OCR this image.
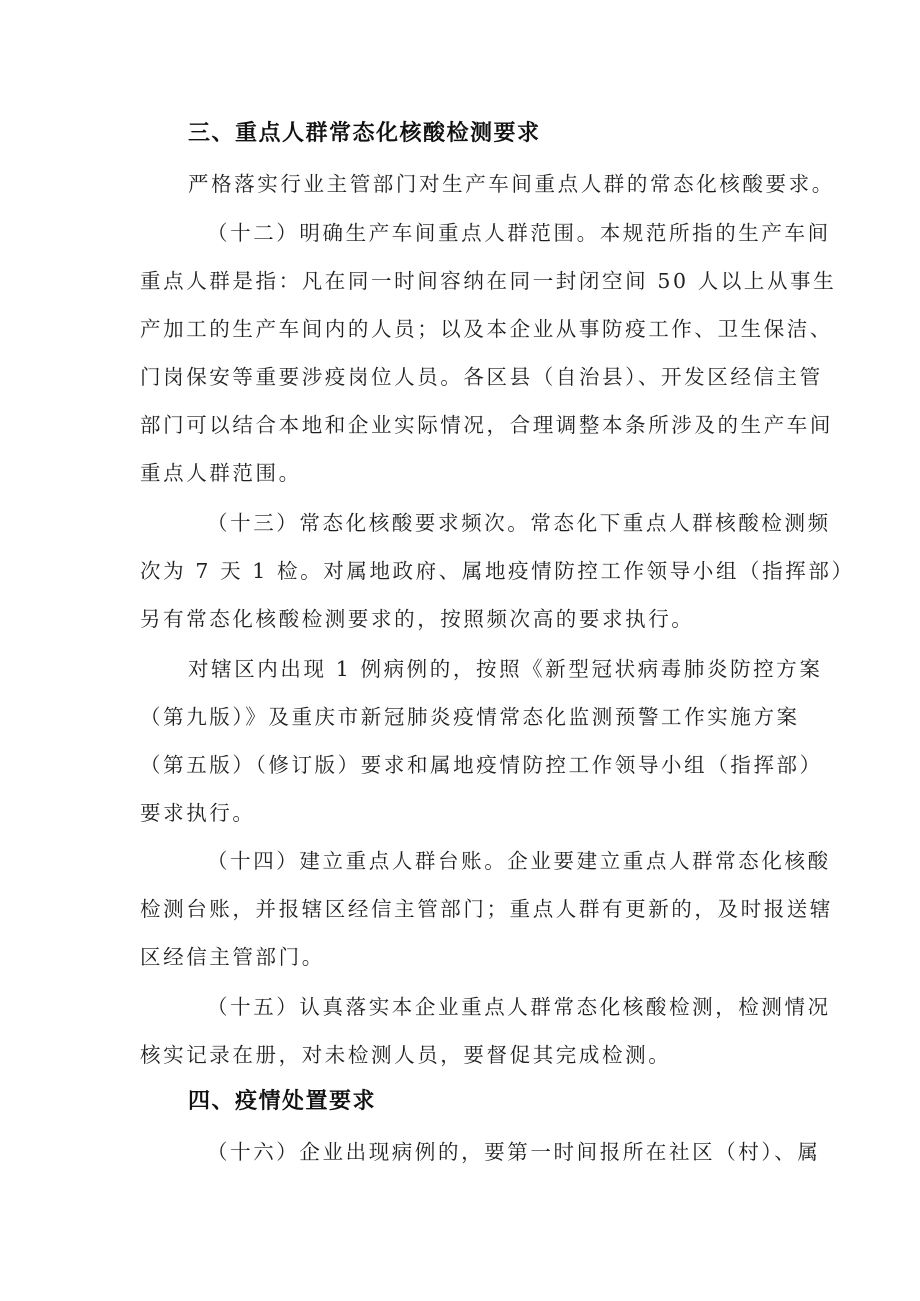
三、重点人群常态化核酸检测要求
严格落实行业主管部门对生产车间重点人群的常态化核酸要求。
（十二）明确生产车间重点人群范围。本规范所指的生产车间
重点人群是指：凡在同一时间容纳在同一封闭空间 50 人以上从事生
产加工的生产车间内的人员；以及本企业从事防疫工作、卫生保洁、
门岗保安等重要涉疫岗位人员。各区县（自治县）、开发区经信主管
部门可以结合本地和企业实际情况，合理调整本条所涉及的生产车间
重点人群范围。
（十三）常态化核酸要求频次。常态化下重点人群核酸检测频
次为 7 天 1 检。对属地政府、属地疫情防控工作领导小组（指挥部）
另有常态化核酸检测要求的，按照频次高的要求执行。
对辖区内出现 1 例病例的，按照《新型冠状病毒肺炎防控方案
（第九版）》及重庆市新冠肺炎疫情常态化监测预警工作实施方案
（第五版）（修订版）要求和属地疫情防控工作领导小组（指挥部）
要求执行。
（十四）建立重点人群台账。企业要建立重点人群常态化核酸
检测台账，并报辖区经信主管部门；重点人群有更新的，及时报送辖
区经信主管部门。
（十五）认真落实本企业重点人群常态化核酸检测，检测情况
核实记录在册，对未检测人员，要督促其完成检测。
四、疫情处置要求
（十六）企业出现病例的，要第一时间报所在社区（村）、属
